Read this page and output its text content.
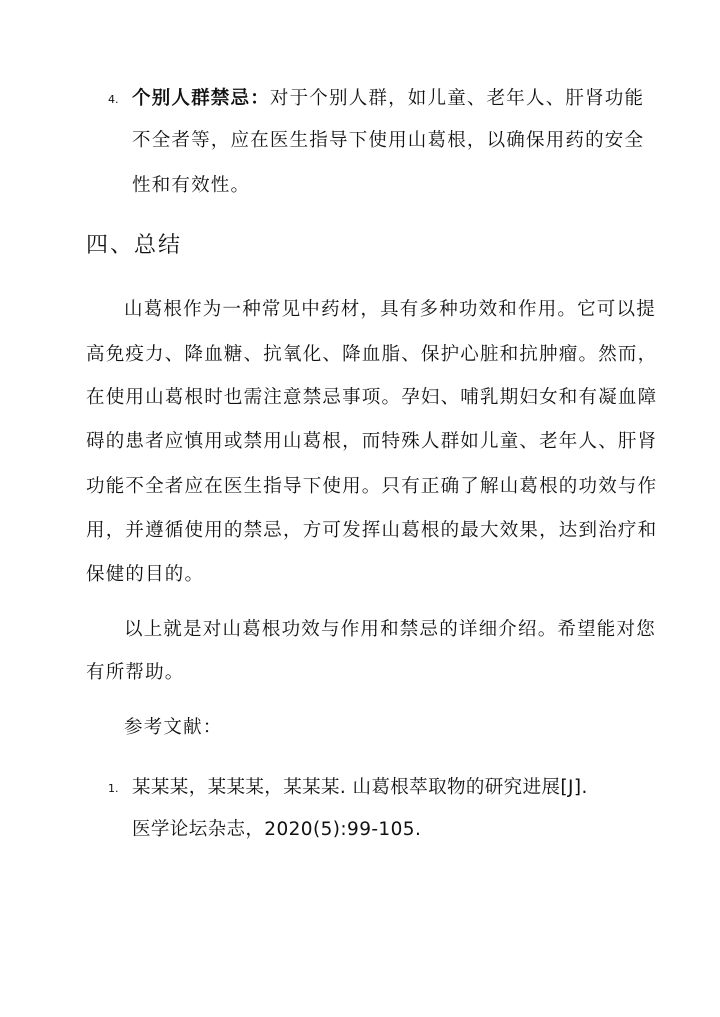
4. 个别人群禁忌：对于个别人群，如儿童、老年人、肝肾功能
不全者等，应在医生指导下使用山葛根，以确保用药的安全
性和有效性。
四、总结
山葛根作为一种常见中药材，具有多种功效和作用。它可以提
高免疫力、降血糖、抗氧化、降血脂、保护心脏和抗肿瘤。然而，
在使用山葛根时也需注意禁忌事项。孕妇、哺乳期妇女和有凝血障
碍的患者应慎用或禁用山葛根，而特殊人群如儿童、老年人、肝肾
功能不全者应在医生指导下使用。只有正确了解山葛根的功效与作
用，并遵循使用的禁忌，方可发挥山葛根的最大效果，达到治疗和
保健的目的。
以上就是对山葛根功效与作用和禁忌的详细介绍。希望能对您
有所帮助。
参考文献：
1. 某某某，某某某，某某某. 山葛根萃取物的研究进展[J].
医学论坛杂志，2020(5):99-105.
